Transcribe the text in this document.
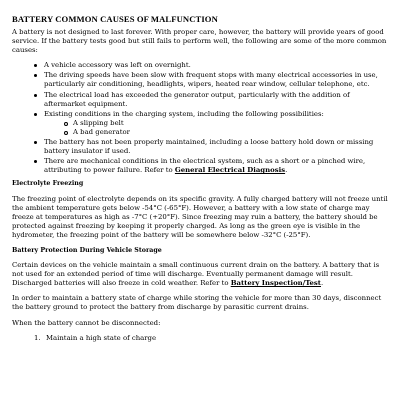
BATTERY COMMON CAUSES OF MALFUNCTION

A battery is not designed to last forever. With proper care, however, the battery will provide years of good service. If the battery tests good but still fails to perform well, the following are some of the more common causes:

A vehicle accessory was left on overnight.
The driving speeds have been slow with frequent stops with many electrical accessories in use, particularly air conditioning, headlights, wipers, heated rear window, cellular telephone, etc.
The electrical load has exceeded the generator output, particularly with the addition of aftermarket equipment.
Existing conditions in the charging system, including the following possibilities:
A slipping belt
A bad generator
The battery has not been properly maintained, including a loose battery hold down or missing battery insulator if used.
There are mechanical conditions in the electrical system, such as a short or a pinched wire, attributing to power failure. Refer to General Electrical Diagnosis.
Electrolyte Freezing

The freezing point of electrolyte depends on its specific gravity. A fully charged battery will not freeze until the ambient temperature gets below -54°C (-65°F). However, a battery with a low state of charge may freeze at temperatures as high as -7°C (+20°F). Since freezing may ruin a battery, the battery should be protected against freezing by keeping it properly charged. As long as the green eye is visible in the hydrometer, the freezing point of the battery will be somewhere below -32°C (-25°F).

Battery Protection During Vehicle Storage

Certain devices on the vehicle maintain a small continuous current drain on the battery. A battery that is not used for an extended period of time will discharge. Eventually permanent damage will result. Discharged batteries will also freeze in cold weather. Refer to Battery Inspection/Test.

In order to maintain a battery state of charge while storing the vehicle for more than 30 days, disconnect the battery ground to protect the battery from discharge by parasitic current drains.

When the battery cannot be disconnected:

1. Maintain a high state of charge
